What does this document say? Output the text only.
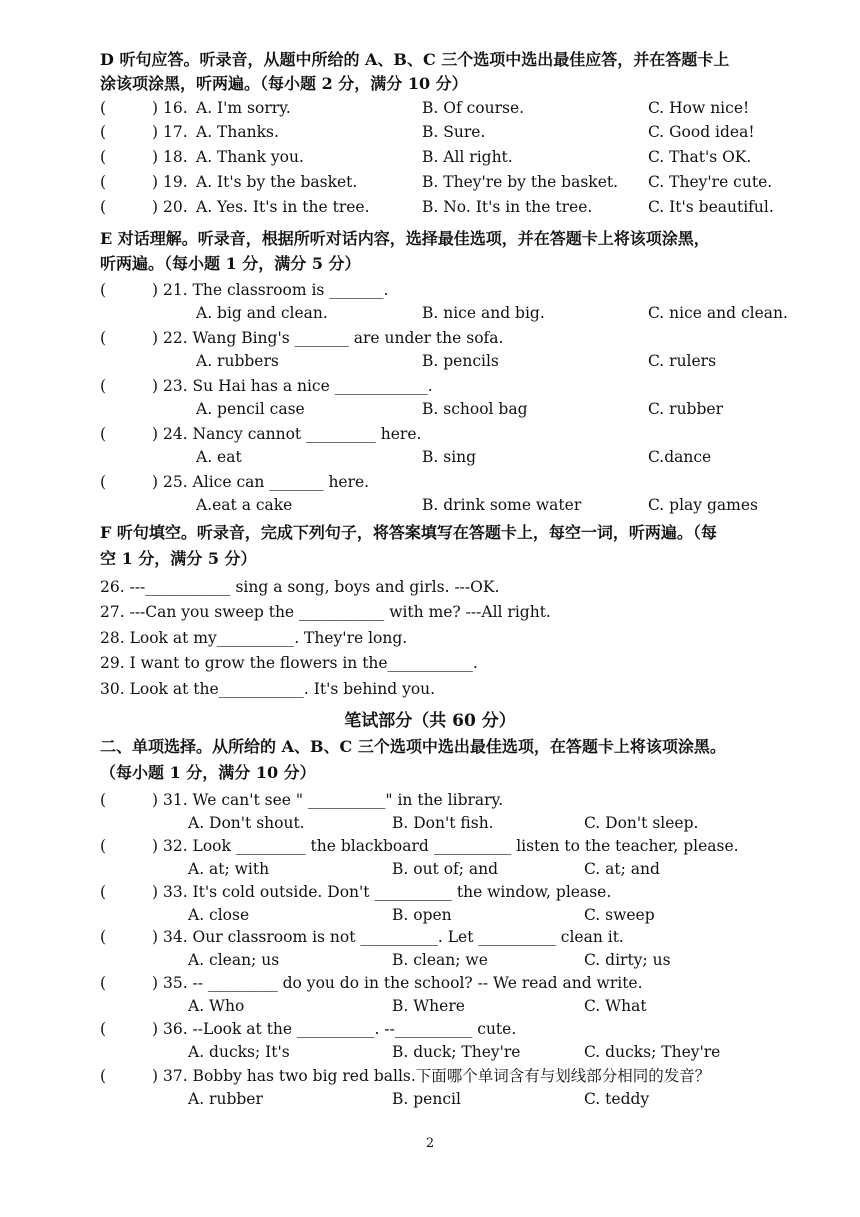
D 听句应答。听录音，从题中所给的 A、B、C 三个选项中选出最佳应答，并在答题卡上
涂该项涂黑，听两遍。（每小题 2 分，满分 10 分）
(	) 16. A. I'm sorry.	B. Of course.	C. How nice!
(	) 17. A. Thanks.	B. Sure.	C. Good idea!
(	) 18. A. Thank you.	B. All right.	C. That's OK.
(	) 19. A. It's by the basket.	B. They're by the basket. C. They're cute.
(	) 20. A. Yes. It's in the tree.	B. No. It's in the tree.	C. It's beautiful.
E 对话理解。听录音，根据所听对话内容，选择最佳选项，并在答题卡上将该项涂黑，
听两遍。（每小题 1 分，满分 5 分）
(	) 21. The classroom is _______.
A. big and clean.	B. nice and big.	C. nice and clean.
(	) 22. Wang Bing's _______ are under the sofa.
A. rubbers	B. pencils	C. rulers
(	) 23. Su Hai has a nice ____________.
A. pencil case	B. school bag	C. rubber
(	) 24. Nancy cannot _________ here.
A. eat	B. sing	C.dance
(	) 25. Alice can _______ here.
A.eat a cake	B. drink some water	C. play games
F 听句填空。听录音，完成下列句子，将答案填写在答题卡上，每空一词，听两遍。（每
空 1 分，满分 5 分）
26. ---___________ sing a song, boys and girls. ---OK.
27. ---Can you sweep the ___________ with me? ---All right.
28. Look at my__________. They're long.
29. I want to grow the flowers in the___________.
30. Look at the___________. It's behind you.
笔试部分（共 60 分）
二、单项选择。从所给的 A、B、C 三个选项中选出最佳选项，在答题卡上将该项涂黑。
（每小题 1 分，满分 10 分）
(	) 31. We can't see " __________" in the library.
A. Don't shout.	B. Don't fish.	C. Don't sleep.
(	) 32. Look _________ the blackboard __________ listen to the teacher, please.
A. at; with	B. out of; and	C. at; and
(	) 33. It's cold outside. Don't __________ the window, please.
A. close	B. open	C. sweep
(	) 34. Our classroom is not __________. Let __________ clean it.
A. clean; us	B. clean; we	C. dirty; us
(	) 35. -- _________ do you do in the school? -- We read and write.
A. Who	B. Where	C. What
(	) 36. --Look at the __________. --__________ cute.
A. ducks; It's	B. duck; They're	C. ducks; They're
(	) 37. Bobby has two big red balls.下面哪个单词含有与划线部分相同的发音？
A. rubber	B. pencil	C. teddy
2
